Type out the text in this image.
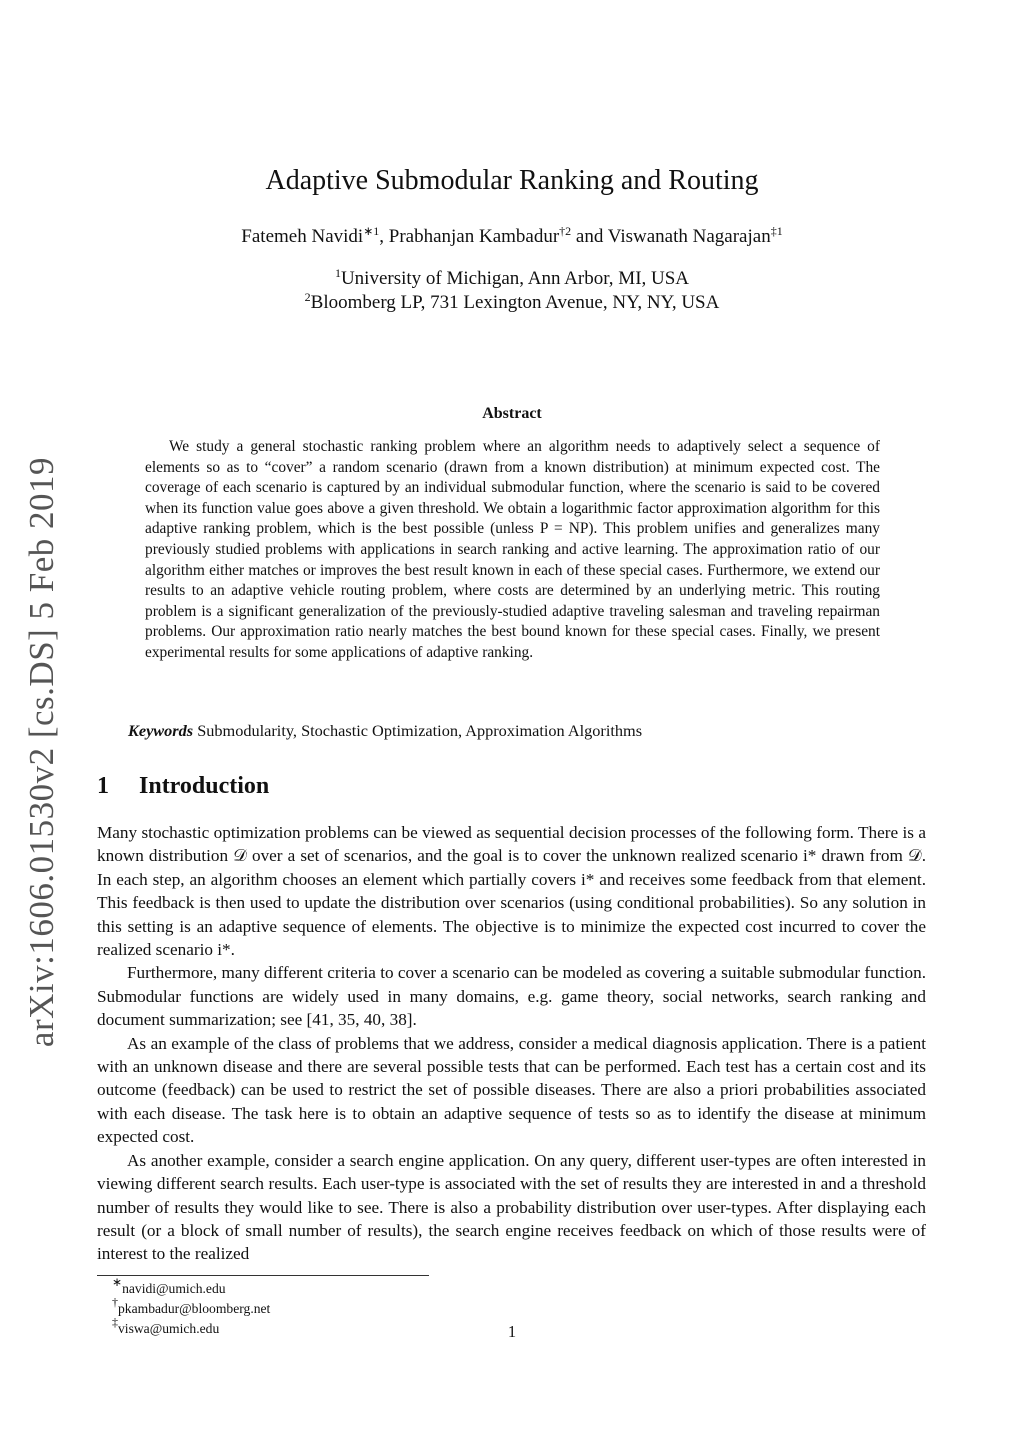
arXiv:1606.01530v2 [cs.DS] 5 Feb 2019
Adaptive Submodular Ranking and Routing
Fatemeh Navidi$^{∗1}$, Prabhanjan Kambadur$^{\dagger 2}$ and Viswanath Nagarajan$^{\ddagger 1}$
$^1$University of Michigan, Ann Arbor, MI, USA
$^2$Bloomberg LP, 731 Lexington Avenue, NY, NY, USA
Abstract

We study a general stochastic ranking problem where an algorithm needs to adaptively select a sequence of elements so as to “cover” a random scenario (drawn from a known distribution) at minimum expected cost. The coverage of each scenario is captured by an individual submodular function, where the scenario is said to be covered when its function value goes above a given threshold. We obtain a logarithmic factor approximation algorithm for this adaptive ranking problem, which is the best possible (unless P = NP). This problem unifies and generalizes many previously studied problems with applications in search ranking and active learning. The approximation ratio of our algorithm either matches or improves the best result known in each of these special cases. Furthermore, we extend our results to an adaptive vehicle routing problem, where costs are determined by an underlying metric. This routing problem is a significant generalization of the previously-studied adaptive traveling salesman and traveling repairman problems. Our approximation ratio nearly matches the best bound known for these special cases. Finally, we present experimental results for some applications of adaptive ranking.

Keywords Submodularity, Stochastic Optimization, Approximation Algorithms
1 Introduction

Many stochastic optimization problems can be viewed as sequential decision processes of the following form. There is a known distribution 𝒟 over a set of scenarios, and the goal is to cover the unknown realized scenario i* drawn from 𝒟. In each step, an algorithm chooses an element which partially covers i* and receives some feedback from that element. This feedback is then used to update the distribution over scenarios (using conditional probabilities). So any solution in this setting is an adaptive sequence of elements. The objective is to minimize the expected cost incurred to cover the realized scenario i*.

Furthermore, many different criteria to cover a scenario can be modeled as covering a suitable submodular function. Submodular functions are widely used in many domains, e.g. game theory, social networks, search ranking and document summarization; see [41, 35, 40, 38].

As an example of the class of problems that we address, consider a medical diagnosis application. There is a patient with an unknown disease and there are several possible tests that can be performed. Each test has a certain cost and its outcome (feedback) can be used to restrict the set of possible diseases. There are also a priori probabilities associated with each disease. The task here is to obtain an adaptive sequence of tests so as to identify the disease at minimum expected cost.

As another example, consider a search engine application. On any query, different user-types are often interested in viewing different search results. Each user-type is associated with the set of results they are interested in and a threshold number of results they would like to see. There is also a probability distribution over user-types. After displaying each result (or a block of small number of results), the search engine receives feedback on which of those results were of interest to the realized

∗navidi@umich.edu
†pkambadur@bloomberg.net
‡viswa@umich.edu	1
